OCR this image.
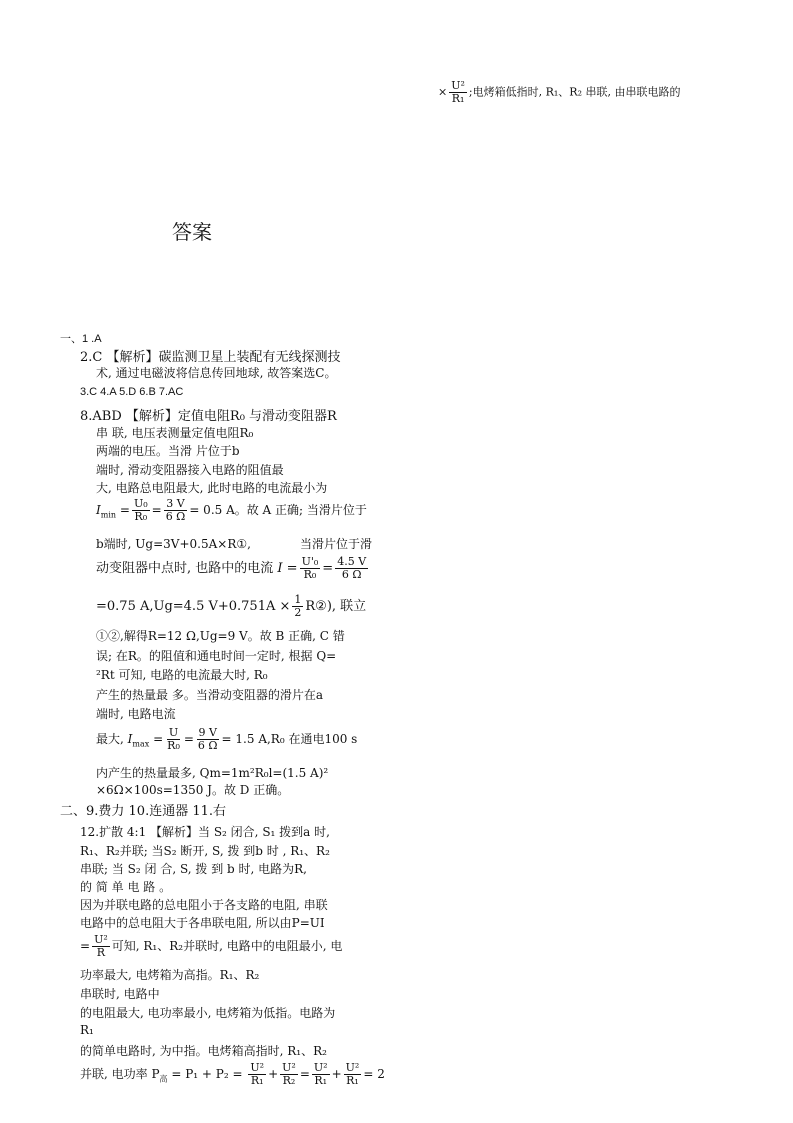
× $\frac{\text{U²}}{\text{R₁}}$ ;电烤箱低指时, R₁、R₂ 串联, 由串联电路的
答案
一、1 .A
2.C 【解析】碳监测卫星上装配有无线探测技
术, 通过电磁波将信息传回地球, 故答案选C。
3.C 4.A 5.D 6.B 7.AC
8.ABD 【解析】定值电阻R₀ 与滑动变阻器R
串 联, 电压表测量定值电阻R₀
两端的电压。当滑 片位于b
端时, 滑动变阻器接入电路的阻值最
大, 电路总电阻最大, 此时电路的电流最小为
$I_{min} = \frac{\text{U₀}}{\text{R₀}} = \frac{3 V}{6 \Omega} = 0.5$ A。故 A 正确; 当滑片位于
b端时, Ug=3V+0.5A×R①,	当滑片位于滑
动变阻器中点时, 也路中的电流 $I = \frac{\text{U'₀}}{\text{R₀}} = \frac{4.5 V}{6 \Omega}$
=0.75 A,Ug=4.5 $V+0.751A \times \frac{1}{2}$ R②), 联立
①②,解得R=12 Ω,Ug=9 V。故 B 正确, C 错
误; 在R。的阻值和通电时间一定时, 根据 Q=
²Rt 可知, 电路的电流最大时, R₀
产生的热量最 多。当滑动变阻器的滑片在a
端时, 电路电流
最大, $I_{max} = \frac{U}{\text{R₀}} = \frac{9 V}{6 \Omega} = 1.5$ A,R₀ 在通电100 s
内产生的热量最多, Qm=1m²R₀l=(1.5 A)²
×6Ω×100s=1350 J。故 D 正确。
二、9.费力 10.连通器 11.右
12.扩散 4:1 【解析】当 S₂ 闭合, S₁ 拨到a 时,
R₁、R₂并联; 当S₂ 断开, S, 拨 到b 时 , R₁、R₂
串联; 当 S₂ 闭 合, S, 拨 到 b 时, 电路为R,
的 简 单 电 路 。
因为并联电路的总电阻小于各支路的电阻, 串联
电路中的总电阻大于各串联电阻, 所以由P=UI
= $\frac{\text{U²}}{R}$ 可知, R₁、R₂并联时, 电路中的电阻最小, 电
功率最大, 电烤箱为高指。R₁、R₂
串联时, 电路中
的电阻最大, 电功率最小, 电烤箱为低指。电路为
R₁
的简单电路时, 为中指。电烤箱高指时, R₁、R₂
并联, 电功率 $P_高 = P_1 + P_2 = \frac{\text{U²}}{\text{R₁}} + \frac{\text{U²}}{\text{R₂}} = \frac{\text{U²}}{\text{R₁}} + \frac{\text{U²}}{\text{R₁}} = 2$
